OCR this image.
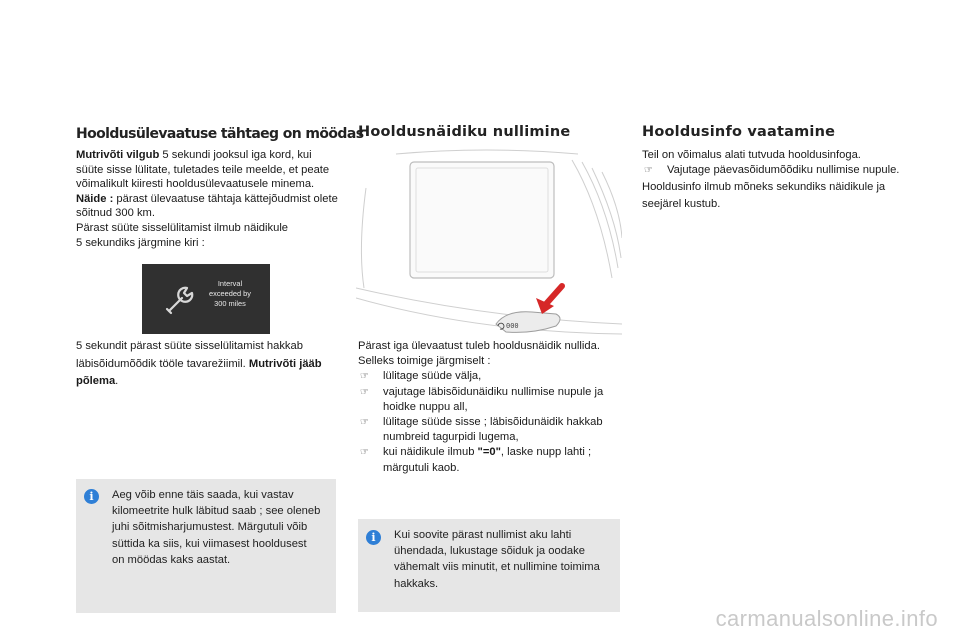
Hooldusülevaatuse tähtaeg on möödas

Mutrivõti vilgub 5 sekundi jooksul iga kord, kui süüte sisse lülitate, tuletades teile meelde, et peate võimalikult kiiresti hooldusülevaatusele minema.

Näide : pärast ülevaatuse tähtaja kättejõudmist olete sõitnud 300 km.

Pärast süüte sisselülitamist ilmub näidikule

5 sekundiks järgmine kiri :

Interval
exceeded by
300 miles

5 sekundit pärast süüte sisselülitamist hakkab läbisõidumõõdik tööle tavarežiimil. Mutrivõti jääb põlema.

i	Aeg võib enne täis saada, kui vastav kilomeetrite hulk läbitud saab ; see oleneb juhi sõitmisharjumustest. Märgutuli võib süttida ka siis, kui viimasest hooldusest on möödas kaks aastat.

Hooldusnäidiku nullimine
000

Pärast iga ülevaatust tuleb hooldusnäidik nullida.

Selleks toimige järgmiselt :

☞ lülitage süüde välja,
☞ vajutage läbisõidunäidiku nullimise nupule ja hoidke nuppu all,
☞ lülitage süüde sisse ; läbisõidunäidik hakkab numbreid tagurpidi lugema,
☞ kui näidikule ilmub "=0", laske nupp lahti ; märgutuli kaob.
i	Kui soovite pärast nullimist aku lahti ühendada, lukustage sõiduk ja oodake vähemalt viis minutit, et nullimine toimima hakkaks.

Hooldusinfo vaatamine

Teil on võimalus alati tutvuda hooldusinfoga.

☞ Vajutage päevasõidumõõdiku nullimise nupule.

Hooldusinfo ilmub mõneks sekundiks näidikule ja seejärel kustub.

carmanualsonline.info
